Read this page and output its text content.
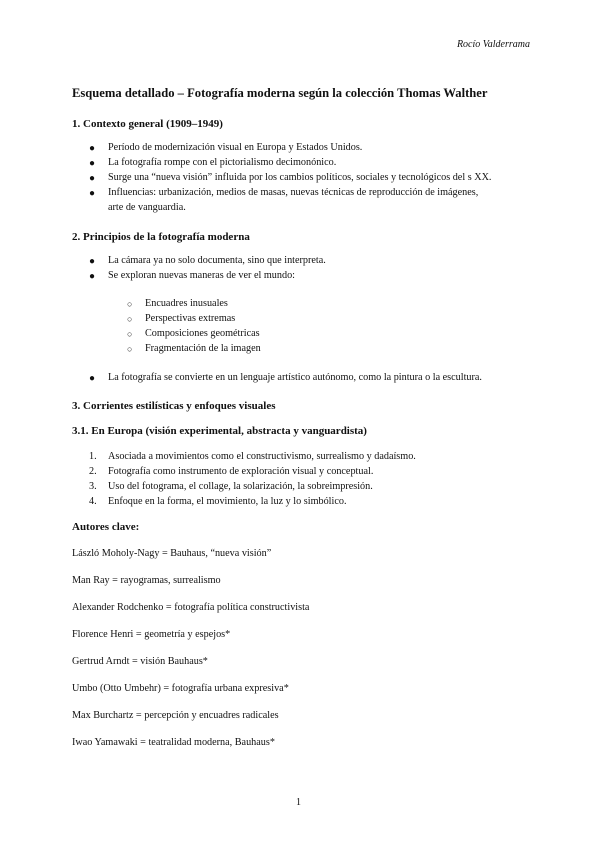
Rocío Valderrama
Esquema detallado – Fotografía moderna según la colección Thomas Walther
1. Contexto general (1909–1949)
● Período de modernización visual en Europa y Estados Unidos.
● La fotografía rompe con el pictorialismo decimonónico.
● Surge una “nueva visión” influida por los cambios políticos, sociales y tecnológicos del s XX.
● Influencias: urbanización, medios de masas, nuevas técnicas de reproducción de imágenes,
arte de vanguardia.
2. Principios de la fotografía moderna
● La cámara ya no solo documenta, sino que interpreta.
● Se exploran nuevas maneras de ver el mundo:
○ Encuadres inusuales
○ Perspectivas extremas
○ Composiciones geométricas
○ Fragmentación de la imagen
● La fotografía se convierte en un lenguaje artístico autónomo, como la pintura o la escultura.
3. Corrientes estilísticas y enfoques visuales
3.1. En Europa (visión experimental, abstracta y vanguardista)
1. Asociada a movimientos como el constructivismo, surrealismo y dadaísmo.
2. Fotografía como instrumento de exploración visual y conceptual.
3. Uso del fotograma, el collage, la solarización, la sobreimpresión.
4. Enfoque en la forma, el movimiento, la luz y lo simbólico.
Autores clave:
László Moholy-Nagy = Bauhaus, “nueva visión”
Man Ray = rayogramas, surrealismo
Alexander Rodchenko = fotografía política constructivista
Florence Henri = geometría y espejos*
Gertrud Arndt = visión Bauhaus*
Umbo (Otto Umbehr) = fotografía urbana expresiva*
Max Burchartz = percepción y encuadres radicales
Iwao Yamawaki = teatralidad moderna, Bauhaus*
1
